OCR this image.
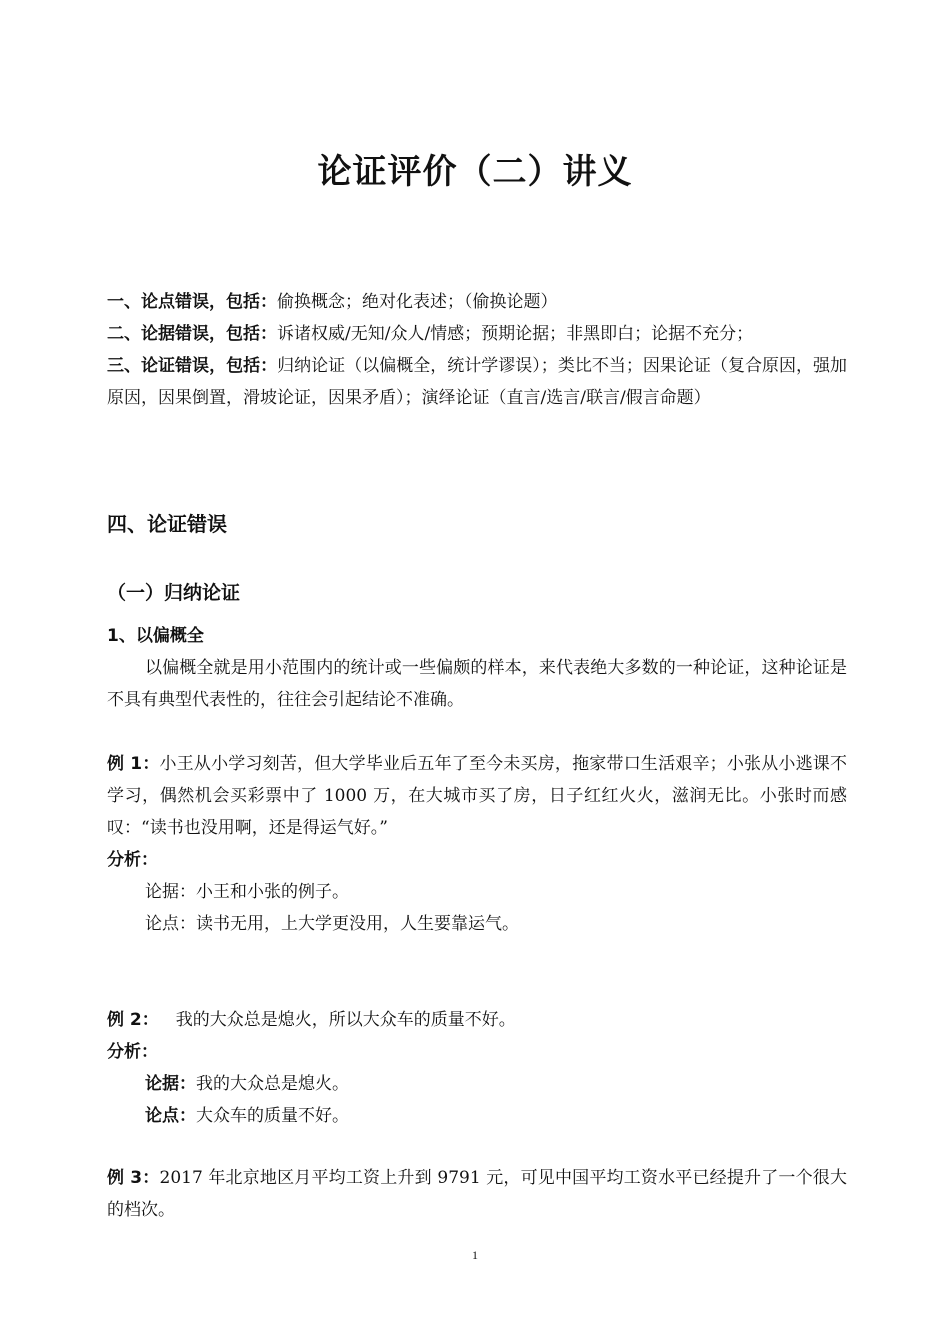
论证评价（二）讲义
一、论点错误，包括：偷换概念；绝对化表述；（偷换论题）
二、论据错误，包括：诉诸权威/无知/众人/情感；预期论据；非黑即白；论据不充分；
三、论证错误，包括：归纳论证（以偏概全，统计学谬误）；类比不当；因果论证（复合原因，强加原因，因果倒置，滑坡论证，因果矛盾）；演绎论证（直言/选言/联言/假言命题）
四、论证错误
（一）归纳论证
1、以偏概全
以偏概全就是用小范围内的统计或一些偏颇的样本，来代表绝大多数的一种论证，这种论证是不具有典型代表性的，往往会引起结论不准确。
例 1：小王从小学习刻苦，但大学毕业后五年了至今未买房，拖家带口生活艰辛；小张从小逃课不学习，偶然机会买彩票中了 1000 万，在大城市买了房，日子红红火火，滋润无比。小张时而感叹：“读书也没用啊，还是得运气好。”
分析：
论据：小王和小张的例子。
论点：读书无用，上大学更没用，人生要靠运气。
例 2：  我的大众总是熄火，所以大众车的质量不好。
分析：
论据：我的大众总是熄火。
论点：大众车的质量不好。
例 3：2017 年北京地区月平均工资上升到 9791 元，可见中国平均工资水平已经提升了一个很大的档次。
1
